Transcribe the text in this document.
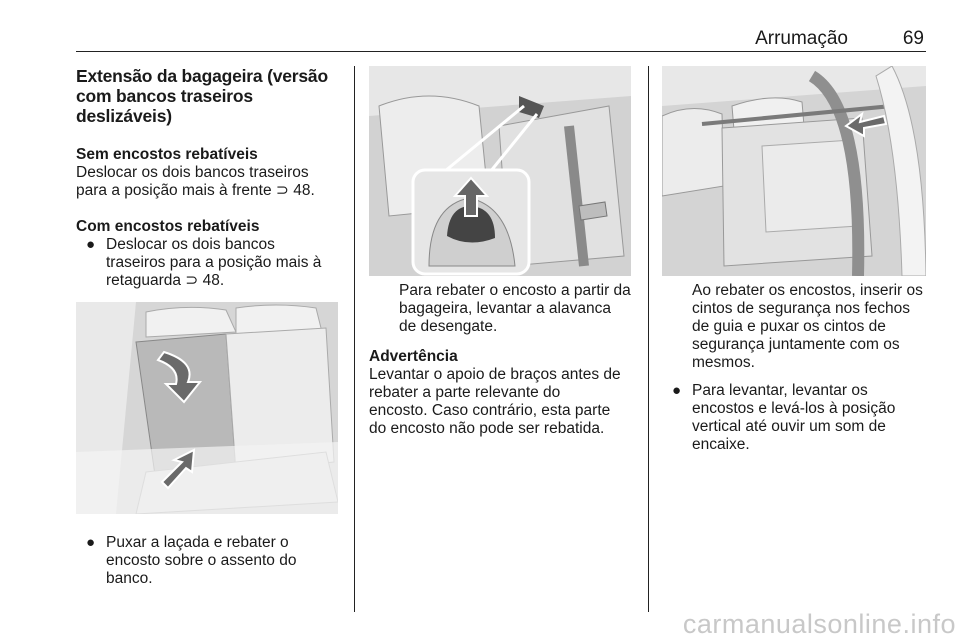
Arrumação	69
Extensão da bagageira (versão
com bancos traseiros deslizáveis)
Sem encostos rebatíveis
Deslocar os dois bancos traseiros
para a posição mais à frente ⊃ 48.
Com encostos rebatíveis
● Deslocar os dois bancos
traseiros para a posição mais à
retaguarda ⊃ 48.
● Puxar a laçada e rebater o
encosto sobre o assento do
banco.
Para rebater o encosto a partir da
bagageira, levantar a alavanca
de desengate.
Advertência
Levantar o apoio de braços antes de
rebater a parte relevante do
encosto. Caso contrário, esta parte
do encosto não pode ser rebatida.
Ao rebater os encostos, inserir os
cintos de segurança nos fechos
de guia e puxar os cintos de
segurança juntamente com os
mesmos.
● Para levantar, levantar os
encostos e levá-los à posição
vertical até ouvir um som de
encaixe.
carmanualsonline.info
